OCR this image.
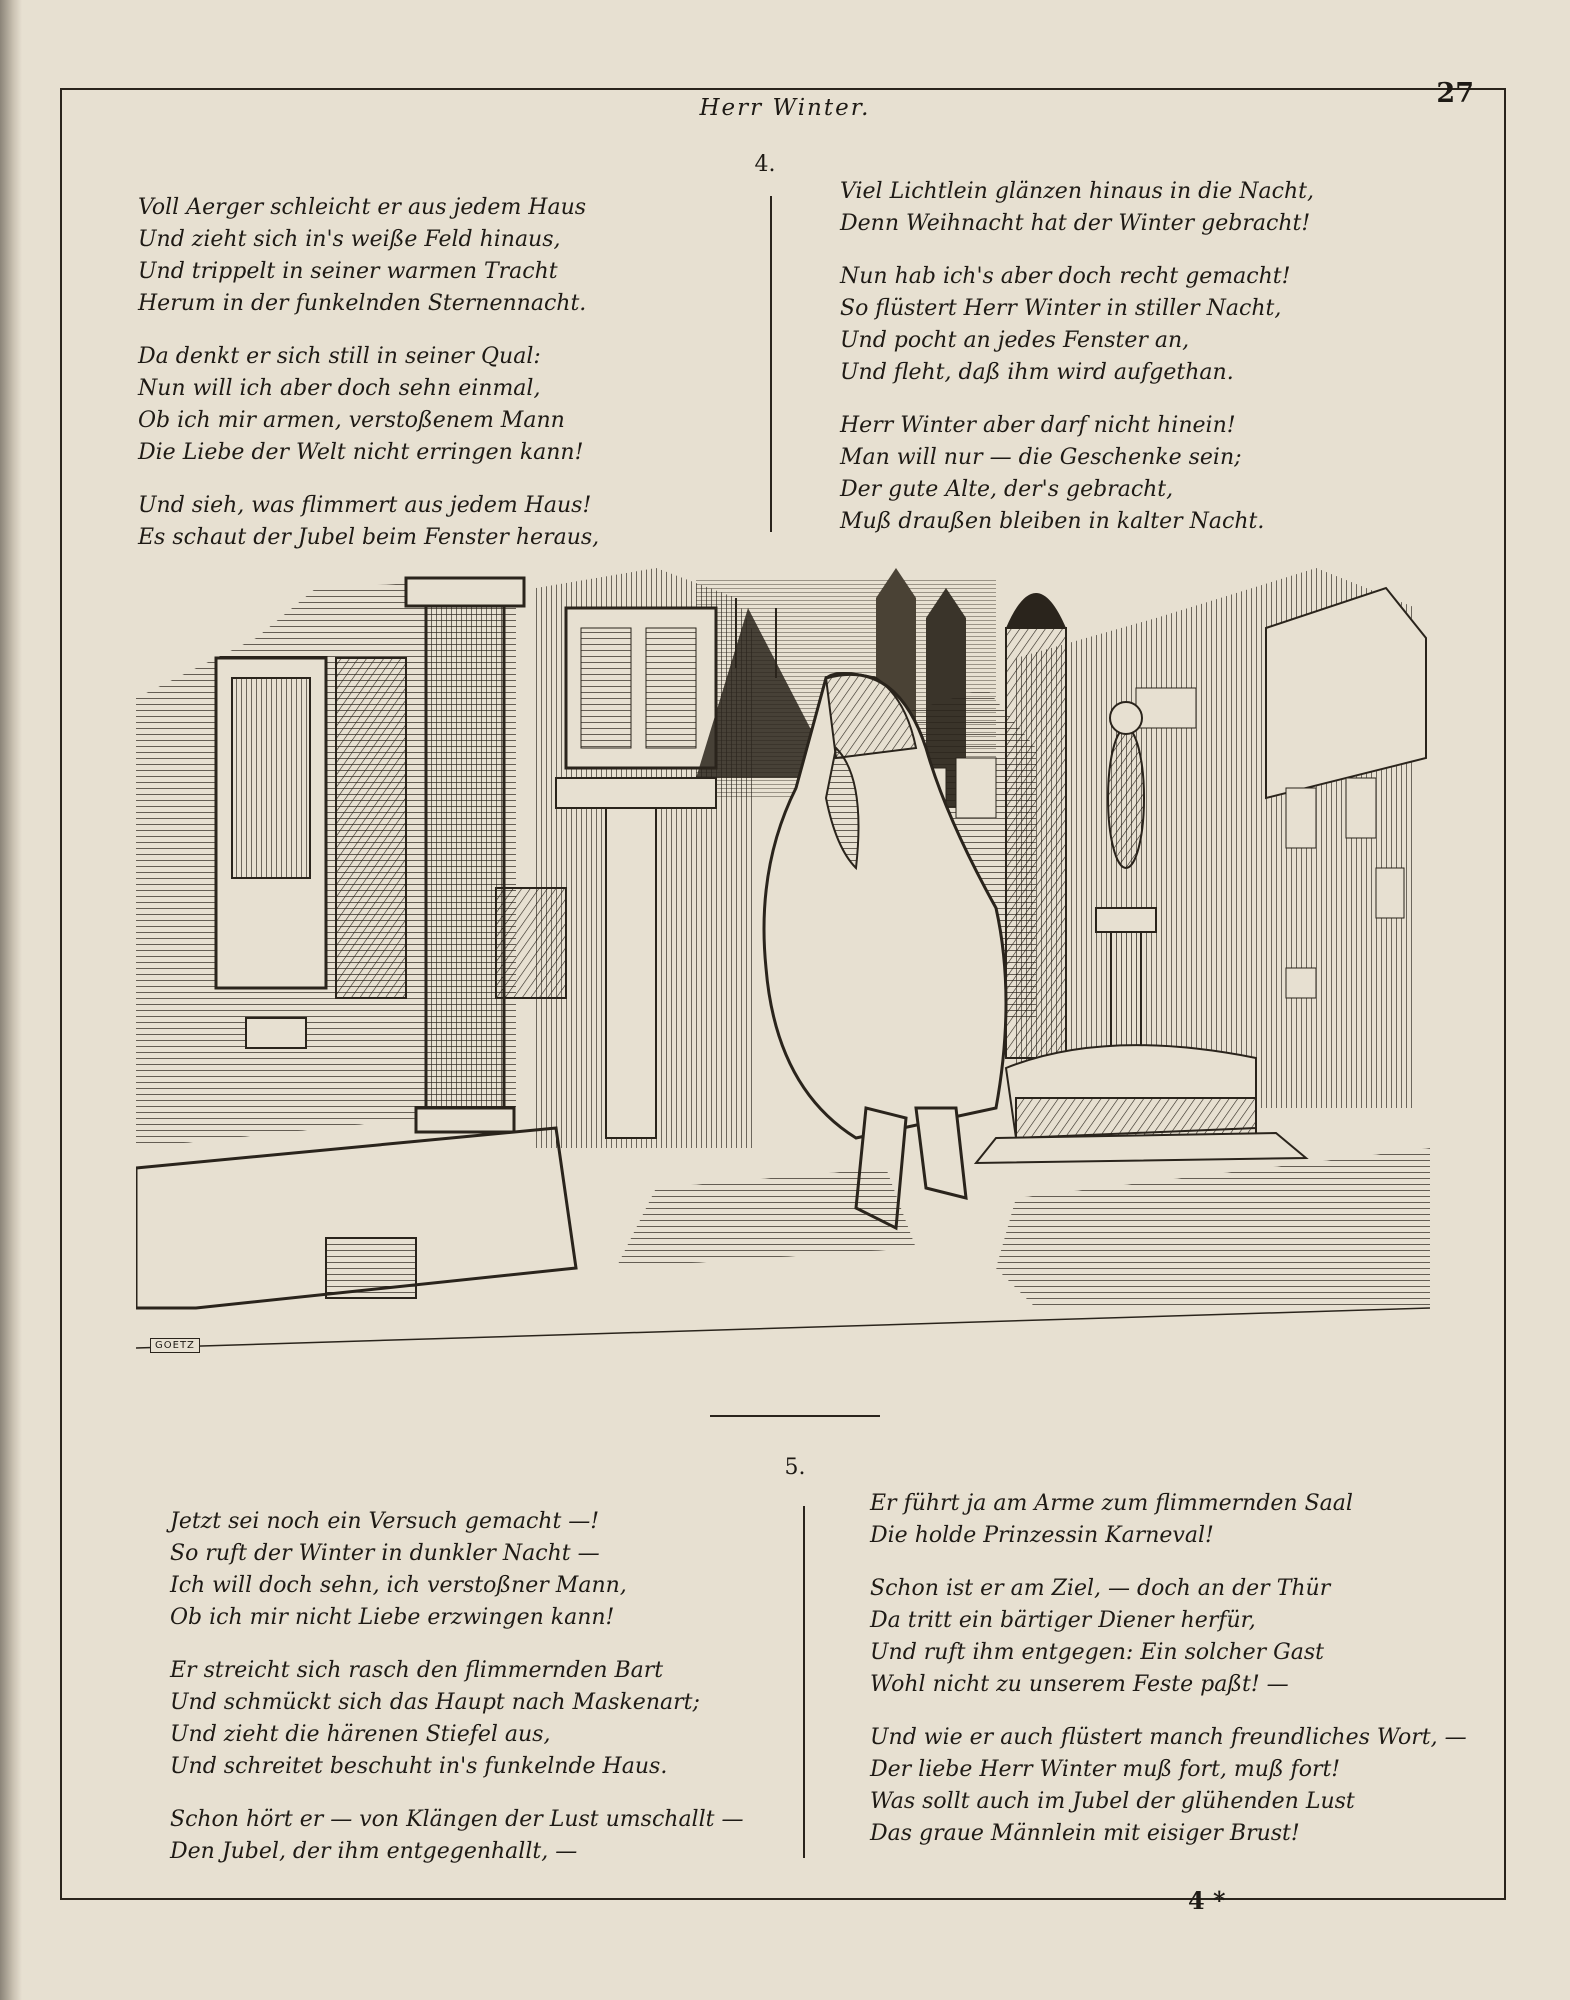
Herr Winter.	27
4.
Voll Aerger schleicht er aus jedem Haus
Und zieht sich in's weiße Feld hinaus,
Und trippelt in seiner warmen Tracht
Herum in der funkelnden Sternennacht.
Da denkt er sich still in seiner Qual:
Nun will ich aber doch sehn einmal,
Ob ich mir armen, verstoßenem Mann
Die Liebe der Welt nicht erringen kann!
Und sieh, was flimmert aus jedem Haus!
Es schaut der Jubel beim Fenster heraus,
Viel Lichtlein glänzen hinaus in die Nacht,
Denn Weihnacht hat der Winter gebracht!
Nun hab ich's aber doch recht gemacht!
So flüstert Herr Winter in stiller Nacht,
Und pocht an jedes Fenster an,
Und fleht, daß ihm wird aufgethan.
Herr Winter aber darf nicht hinein!
Man will nur — die Geschenke sein;
Der gute Alte, der's gebracht,
Muß draußen bleiben in kalter Nacht.
GOETZ
5.
Jetzt sei noch ein Versuch gemacht —!
So ruft der Winter in dunkler Nacht —
Ich will doch sehn, ich verstoßner Mann,
Ob ich mir nicht Liebe erzwingen kann!
Er streicht sich rasch den flimmernden Bart
Und schmückt sich das Haupt nach Maskenart;
Und zieht die härenen Stiefel aus,
Und schreitet beschuht in's funkelnde Haus.
Schon hört er — von Klängen der Lust umschallt —
Den Jubel, der ihm entgegenhallt, —
Er führt ja am Arme zum flimmernden Saal
Die holde Prinzessin Karneval!
Schon ist er am Ziel, — doch an der Thür
Da tritt ein bärtiger Diener herfür,
Und ruft ihm entgegen: Ein solcher Gast
Wohl nicht zu unserem Feste paßt! —
Und wie er auch flüstert manch freundliches Wort, —
Der liebe Herr Winter muß fort, muß fort!
Was sollt auch im Jubel der glühenden Lust
Das graue Männlein mit eisiger Brust!
4 *
